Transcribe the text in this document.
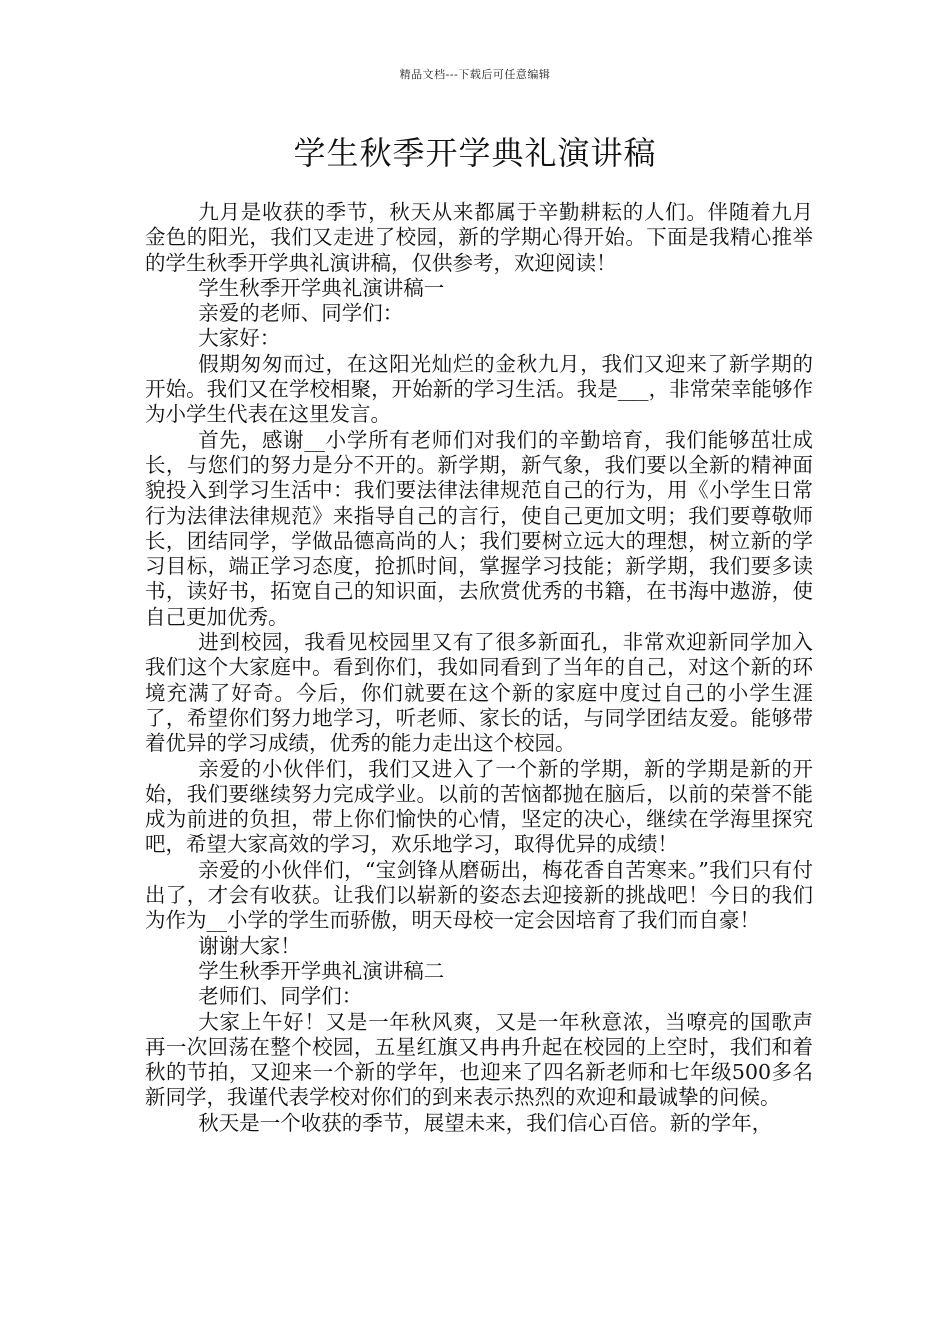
精品文档---下载后可任意编辑
学生秋季开学典礼演讲稿

九月是收获的季节，秋天从来都属于辛勤耕耘的人们。伴随着九月金色的阳光，我们又走进了校园，新的学期心得开始。下面是我精心推举的学生秋季开学典礼演讲稿，仅供参考，欢迎阅读！

学生秋季开学典礼演讲稿一

亲爱的老师、同学们：

大家好：

假期匆匆而过，在这阳光灿烂的金秋九月，我们又迎来了新学期的开始。我们又在学校相聚，开始新的学习生活。我是___，非常荣幸能够作为小学生代表在这里发言。

首先，感谢__小学所有老师们对我们的辛勤培育，我们能够茁壮成长，与您们的努力是分不开的。新学期，新气象，我们要以全新的精神面貌投入到学习生活中：我们要法律法律规范自己的行为，用《小学生日常行为法律法律规范》来指导自己的言行，使自己更加文明；我们要尊敬师长，团结同学，学做品德高尚的人；我们要树立远大的理想，树立新的学习目标，端正学习态度，抢抓时间，掌握学习技能；新学期，我们要多读书，读好书，拓宽自己的知识面，去欣赏优秀的书籍，在书海中遨游，使自己更加优秀。

进到校园，我看见校园里又有了很多新面孔，非常欢迎新同学加入我们这个大家庭中。看到你们，我如同看到了当年的自己，对这个新的环境充满了好奇。今后，你们就要在这个新的家庭中度过自己的小学生涯了，希望你们努力地学习，听老师、家长的话，与同学团结友爱。能够带着优异的学习成绩，优秀的能力走出这个校园。

亲爱的小伙伴们，我们又进入了一个新的学期，新的学期是新的开始，我们要继续努力完成学业。以前的苦恼都抛在脑后，以前的荣誉不能成为前进的负担，带上你们愉快的心情，坚定的决心，继续在学海里探究吧，希望大家高效的学习，欢乐地学习，取得优异的成绩！

亲爱的小伙伴们，“宝剑锋从磨砺出，梅花香自苦寒来。”我们只有付出了，才会有收获。让我们以崭新的姿态去迎接新的挑战吧！今日的我们为作为__小学的学生而骄傲，明天母校一定会因培育了我们而自豪！

谢谢大家！

学生秋季开学典礼演讲稿二

老师们、同学们：

大家上午好！又是一年秋风爽，又是一年秋意浓，当嘹亮的国歌声再一次回荡在整个校园，五星红旗又冉冉升起在校园的上空时，我们和着秋的节拍，又迎来一个新的学年，也迎来了四名新老师和七年级500多名新同学，我谨代表学校对你们的到来表示热烈的欢迎和最诚挚的问候。

秋天是一个收获的季节，展望未来，我们信心百倍。新的学年，
